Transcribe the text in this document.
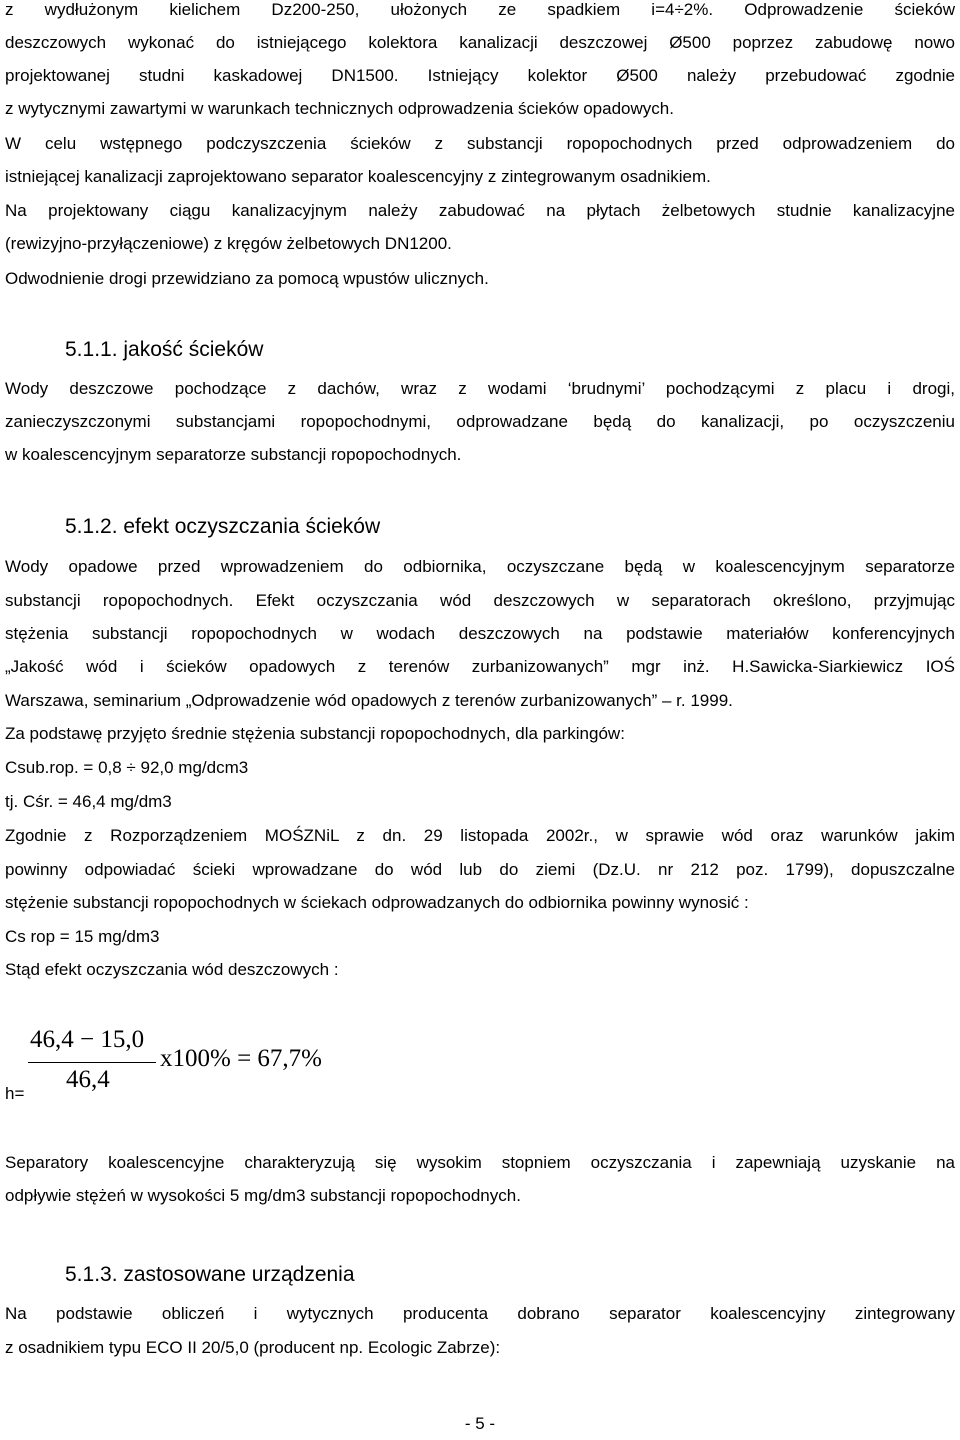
z wydłużonym kielichem Dz200-250, ułożonych ze spadkiem i=4÷2%. Odprowadzenie ścieków
deszczowych wykonać do istniejącego kolektora kanalizacji deszczowej Ø500 poprzez zabudowę nowo
projektowanej studni kaskadowej DN1500. Istniejący kolektor Ø500 należy przebudować zgodnie
z wytycznymi zawartymi w warunkach technicznych odprowadzenia ścieków opadowych.
W celu wstępnego podczyszczenia ścieków z substancji ropopochodnych przed odprowadzeniem do
istniejącej kanalizacji zaprojektowano separator koalescencyjny z zintegrowanym osadnikiem.
Na projektowany ciągu kanalizacyjnym należy zabudować na płytach żelbetowych studnie kanalizacyjne
(rewizyjno-przyłączeniowe) z kręgów żelbetowych DN1200.
Odwodnienie drogi przewidziano za pomocą wpustów ulicznych.
5.1.1. jakość ścieków
Wody deszczowe pochodzące z dachów, wraz z wodami ‘brudnymi’ pochodzącymi z placu i drogi,
zanieczyszczonymi substancjami ropopochodnymi, odprowadzane będą do kanalizacji, po oczyszczeniu
w koalescencyjnym separatorze substancji ropopochodnych.
5.1.2. efekt oczyszczania ścieków
Wody opadowe przed wprowadzeniem do odbiornika, oczyszczane będą w koalescencyjnym separatorze
substancji ropopochodnych. Efekt oczyszczania wód deszczowych w separatorach określono, przyjmując
stężenia substancji ropopochodnych w wodach deszczowych na podstawie materiałów konferencyjnych
„Jakość wód i ścieków opadowych z terenów zurbanizowanych” mgr inż. H.Sawicka-Siarkiewicz IOŚ
Warszawa, seminarium „Odprowadzenie wód opadowych z terenów zurbanizowanych” – r. 1999.
Za podstawę przyjęto średnie stężenia substancji ropopochodnych, dla parkingów:
Csub.rop. = 0,8 ÷ 92,0 mg/dcm3
tj. Cśr. = 46,4 mg/dm3
Zgodnie z Rozporządzeniem MOŚZNiL z dn. 29 listopada 2002r., w sprawie wód oraz warunków jakim
powinny odpowiadać ścieki wprowadzane do wód lub do ziemi (Dz.U. nr 212 poz. 1799), dopuszczalne
stężenie substancji ropopochodnych w ściekach odprowadzanych do odbiornika powinny wynosić :
Cs rop = 15 mg/dm3
Stąd efekt oczyszczania wód deszczowych :
h=
46,4 − 15,0
46,4
x100% = 67,7%
Separatory koalescencyjne charakteryzują się wysokim stopniem oczyszczania i zapewniają uzyskanie na
odpływie stężeń w wysokości 5 mg/dm3 substancji ropopochodnych.
5.1.3. zastosowane urządzenia
Na podstawie obliczeń i wytycznych producenta dobrano separator koalescencyjny zintegrowany
z osadnikiem typu ECO II 20/5,0 (producent np. Ecologic Zabrze):
- 5 -
